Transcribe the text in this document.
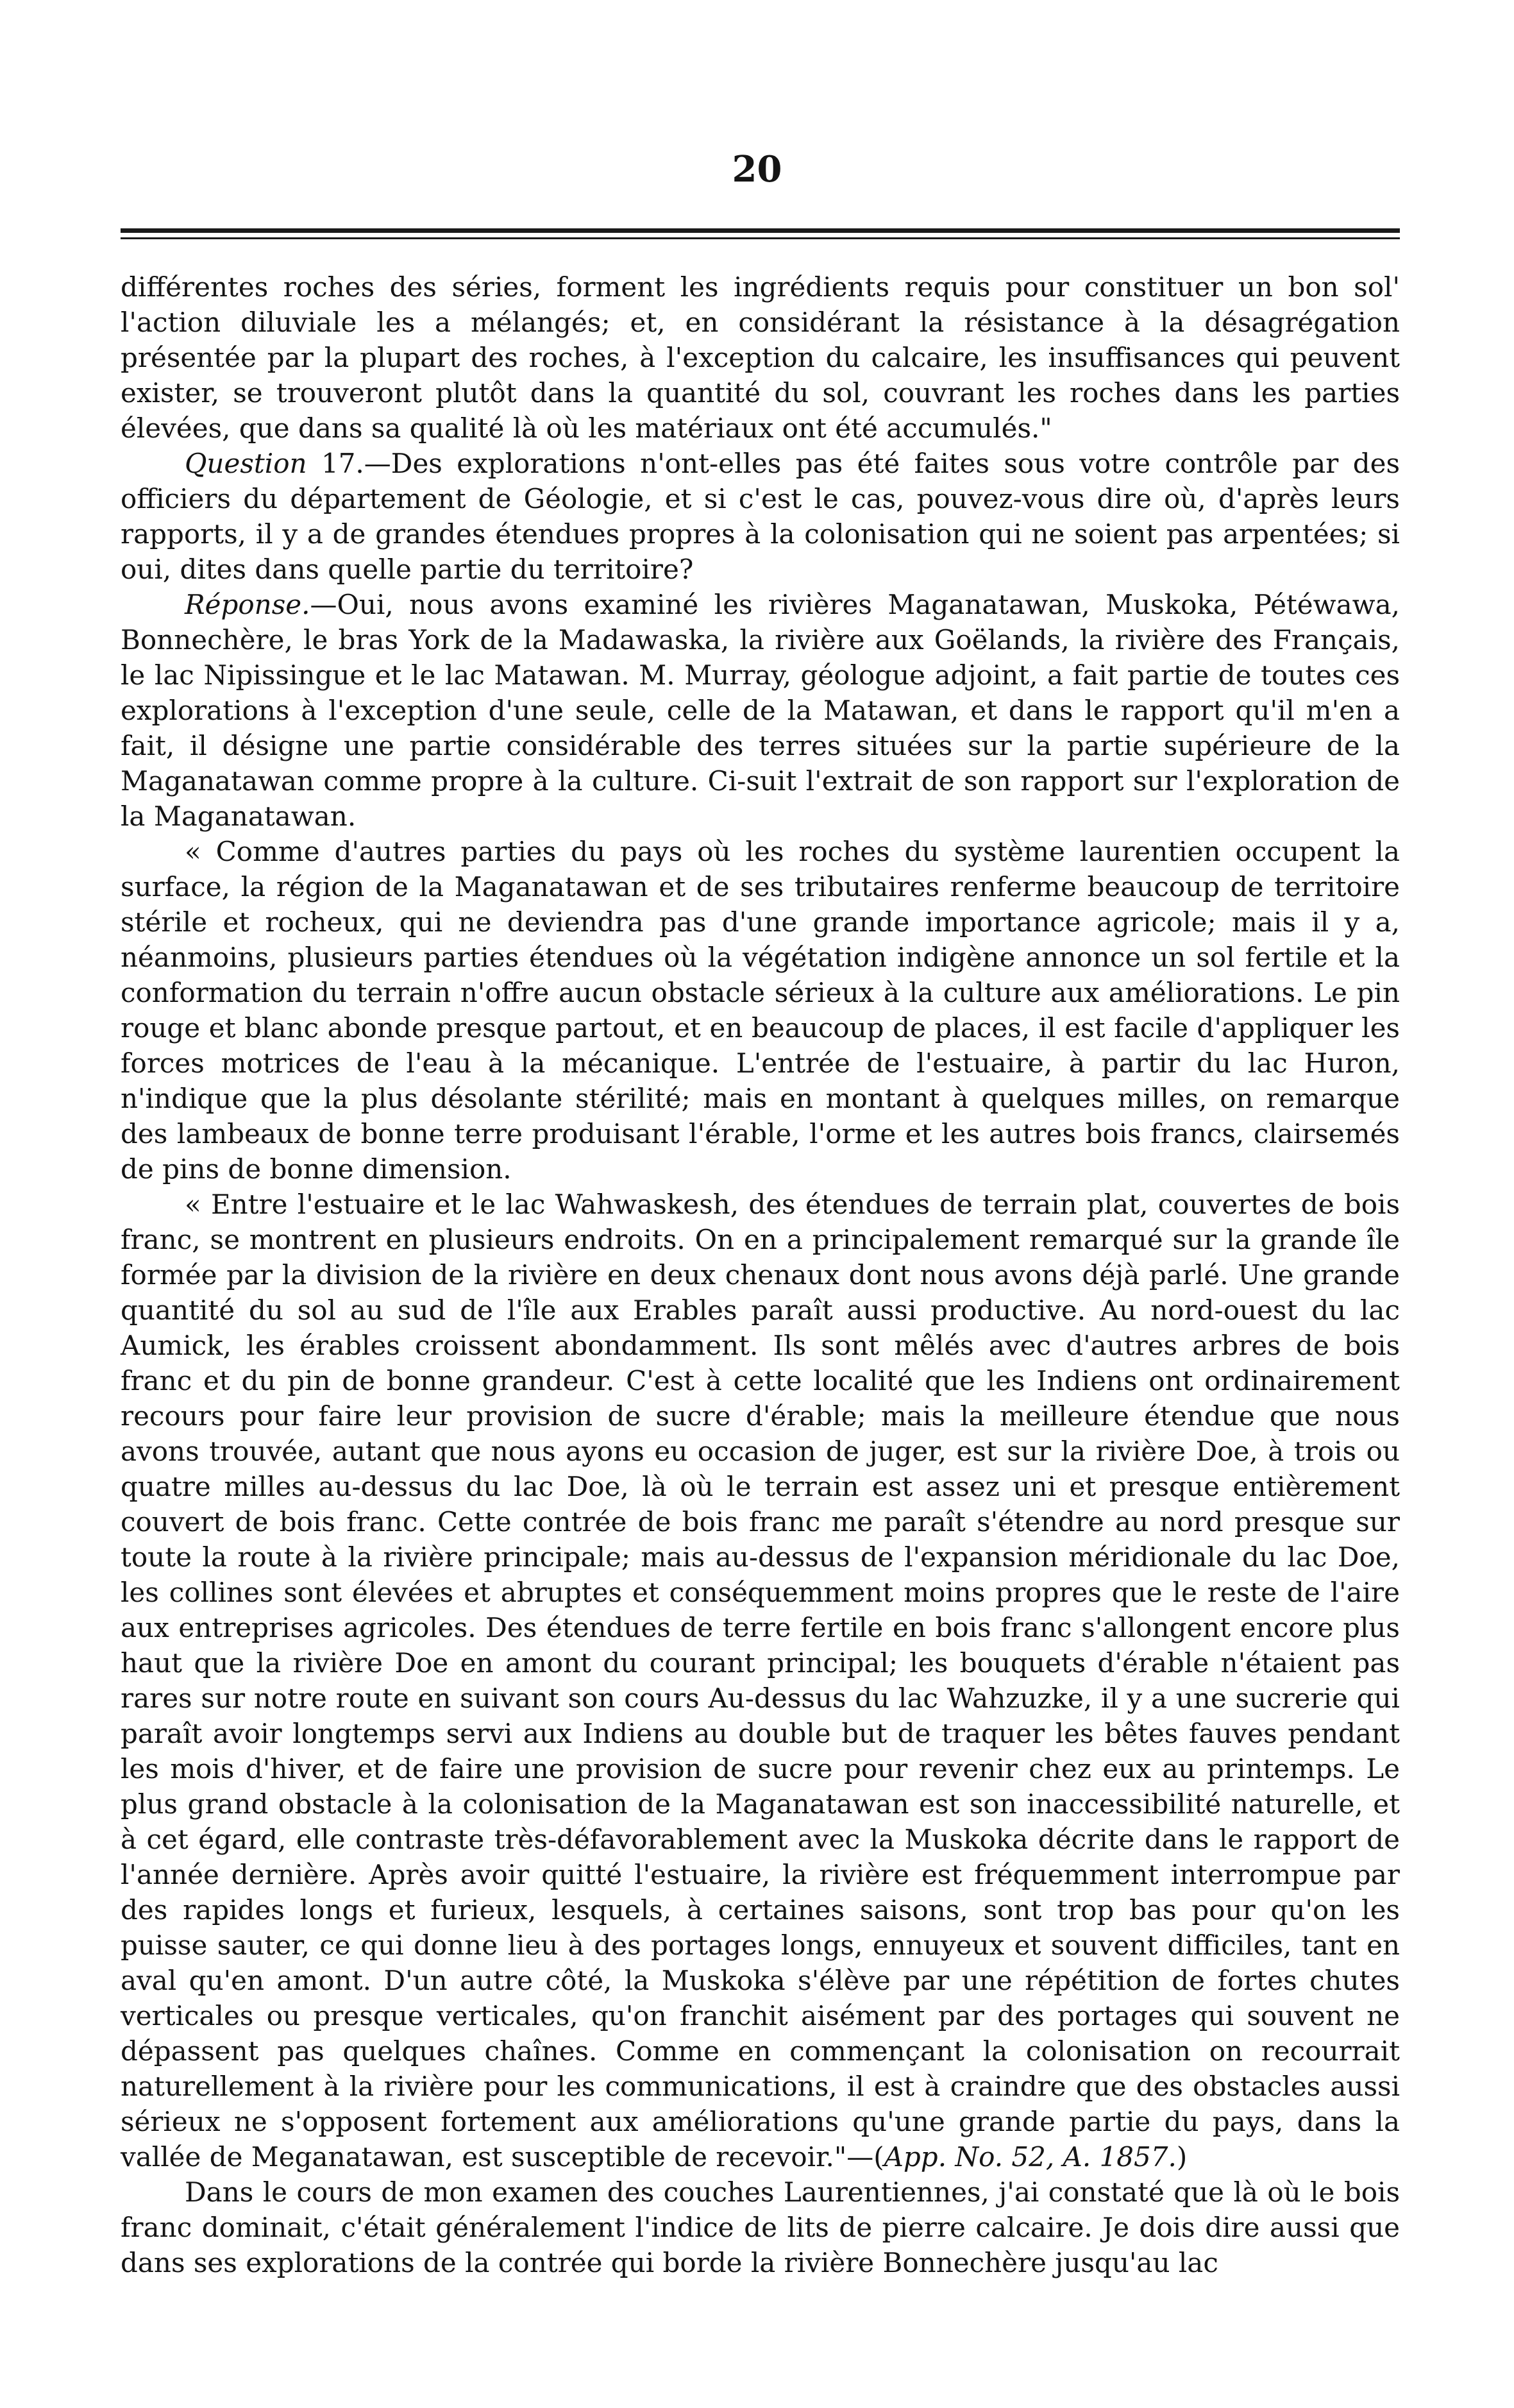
20

différentes roches des séries, forment les ingrédients requis pour constituer un bon sol' l'action diluviale les a mélangés; et, en considérant la résistance à la désagrégation présentée par la plupart des roches, à l'exception du calcaire, les insuffisances qui peuvent exister, se trouveront plutôt dans la quantité du sol, couvrant les roches dans les parties élevées, que dans sa qualité là où les matériaux ont été accumulés."

Question 17.—Des explorations n'ont-elles pas été faites sous votre contrôle par des officiers du département de Géologie, et si c'est le cas, pouvez-vous dire où, d'après leurs rapports, il y a de grandes étendues propres à la colonisation qui ne soient pas arpentées; si oui, dites dans quelle partie du territoire?

Réponse.—Oui, nous avons examiné les rivières Maganatawan, Muskoka, Pétéwawa, Bonnechère, le bras York de la Madawaska, la rivière aux Goëlands, la rivière des Français, le lac Nipissingue et le lac Matawan. M. Murray, géologue adjoint, a fait partie de toutes ces explorations à l'exception d'une seule, celle de la Matawan, et dans le rapport qu'il m'en a fait, il désigne une partie considérable des terres situées sur la partie supérieure de la Maganatawan comme propre à la culture. Ci-suit l'extrait de son rapport sur l'exploration de la Maganatawan.

« Comme d'autres parties du pays où les roches du système laurentien occupent la surface, la région de la Maganatawan et de ses tributaires renferme beaucoup de territoire stérile et rocheux, qui ne deviendra pas d'une grande importance agricole; mais il y a, néanmoins, plusieurs parties étendues où la végétation indigène annonce un sol fertile et la conformation du terrain n'offre aucun obstacle sérieux à la culture aux améliorations. Le pin rouge et blanc abonde presque partout, et en beaucoup de places, il est facile d'appliquer les forces motrices de l'eau à la mécanique. L'entrée de l'estuaire, à partir du lac Huron, n'indique que la plus désolante stérilité; mais en montant à quelques milles, on remarque des lambeaux de bonne terre produisant l'érable, l'orme et les autres bois francs, clairsemés de pins de bonne dimension.

« Entre l'estuaire et le lac Wahwaskesh, des étendues de terrain plat, couvertes de bois franc, se montrent en plusieurs endroits. On en a principalement remarqué sur la grande île formée par la division de la rivière en deux chenaux dont nous avons déjà parlé. Une grande quantité du sol au sud de l'île aux Erables paraît aussi productive. Au nord-ouest du lac Aumick, les érables croissent abondamment. Ils sont mêlés avec d'autres arbres de bois franc et du pin de bonne grandeur. C'est à cette localité que les Indiens ont ordinairement recours pour faire leur provision de sucre d'érable; mais la meilleure étendue que nous avons trouvée, autant que nous ayons eu occasion de juger, est sur la rivière Doe, à trois ou quatre milles au-dessus du lac Doe, là où le terrain est assez uni et presque entièrement couvert de bois franc. Cette contrée de bois franc me paraît s'étendre au nord presque sur toute la route à la rivière principale; mais au-dessus de l'expansion méridionale du lac Doe, les collines sont élevées et abruptes et conséquemment moins propres que le reste de l'aire aux entreprises agricoles. Des étendues de terre fertile en bois franc s'allongent encore plus haut que la rivière Doe en amont du courant principal; les bouquets d'érable n'étaient pas rares sur notre route en suivant son cours Au-dessus du lac Wahzuzke, il y a une sucrerie qui paraît avoir longtemps servi aux Indiens au double but de traquer les bêtes fauves pendant les mois d'hiver, et de faire une provision de sucre pour revenir chez eux au printemps. Le plus grand obstacle à la colonisation de la Maganatawan est son inaccessibilité naturelle, et à cet égard, elle contraste très-défavorablement avec la Muskoka décrite dans le rapport de l'année dernière. Après avoir quitté l'estuaire, la rivière est fréquemment interrompue par des rapides longs et furieux, lesquels, à certaines saisons, sont trop bas pour qu'on les puisse sauter, ce qui donne lieu à des portages longs, ennuyeux et souvent difficiles, tant en aval qu'en amont. D'un autre côté, la Muskoka s'élève par une répétition de fortes chutes verticales ou presque verticales, qu'on franchit aisément par des portages qui souvent ne dépassent pas quelques chaînes. Comme en commençant la colonisation on recourrait naturellement à la rivière pour les communications, il est à craindre que des obstacles aussi sérieux ne s'opposent fortement aux améliorations qu'une grande partie du pays, dans la vallée de Meganatawan, est susceptible de recevoir."—(App. No. 52, A. 1857.)

Dans le cours de mon examen des couches Laurentiennes, j'ai constaté que là où le bois franc dominait, c'était généralement l'indice de lits de pierre calcaire. Je dois dire aussi que dans ses explorations de la contrée qui borde la rivière Bonnechère jusqu'au lac
